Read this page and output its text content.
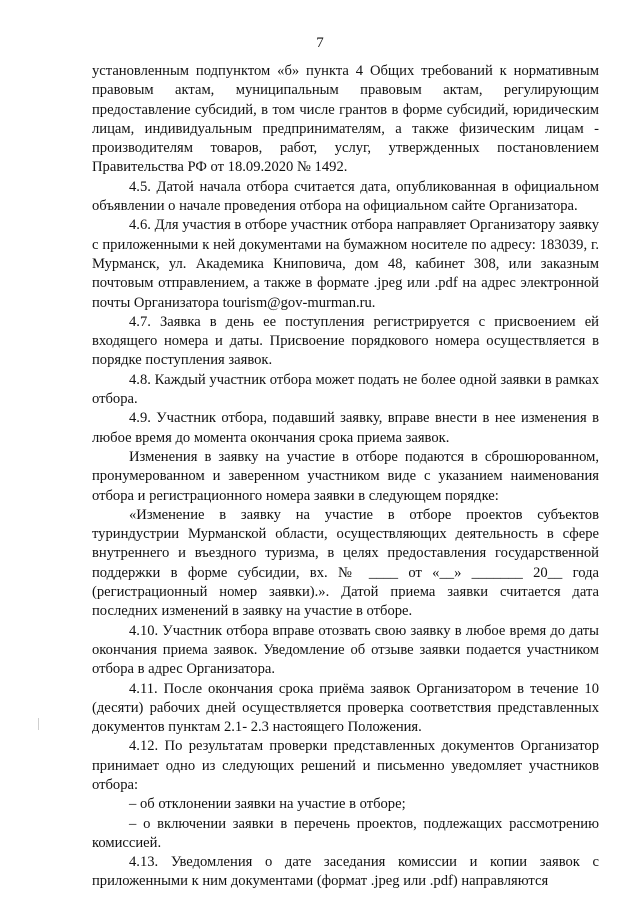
7

установленным подпунктом «б» пункта 4 Общих требований к нормативным правовым актам, муниципальным правовым актам, регулирующим предоставление субсидий, в том числе грантов в форме субсидий, юридическим лицам, индивидуальным предпринимателям, а также физическим лицам - производителям товаров, работ, услуг, утвержденных постановлением Правительства РФ от 18.09.2020 № 1492.

4.5. Датой начала отбора считается дата, опубликованная в официальном объявлении о начале проведения отбора на официальном сайте Организатора.

4.6. Для участия в отборе участник отбора направляет Организатору заявку с приложенными к ней документами на бумажном носителе по адресу: 183039, г. Мурманск, ул. Академика Книповича, дом 48, кабинет 308, или заказным почтовым отправлением, а также в формате .jpeg или .pdf на адрес электронной почты Организатора tourism@gov-murman.ru.

4.7. Заявка в день ее поступления регистрируется с присвоением ей входящего номера и даты. Присвоение порядкового номера осуществляется в порядке поступления заявок.

4.8. Каждый участник отбора может подать не более одной заявки в рамках отбора.

4.9. Участник отбора, подавший заявку, вправе внести в нее изменения в любое время до момента окончания срока приема заявок.

Изменения в заявку на участие в отборе подаются в сброшюрованном, пронумерованном и заверенном участником виде с указанием наименования отбора и регистрационного номера заявки в следующем порядке:

«Изменение в заявку на участие в отборе проектов субъектов туриндустрии Мурманской области, осуществляющих деятельность в сфере внутреннего и въездного туризма, в целях предоставления государственной поддержки в форме субсидии, вх. № ____ от «__» _______ 20__ года (регистрационный номер заявки).». Датой приема заявки считается дата последних изменений в заявку на участие в отборе.

4.10. Участник отбора вправе отозвать свою заявку в любое время до даты окончания приема заявок. Уведомление об отзыве заявки подается участником отбора в адрес Организатора.

4.11. После окончания срока приёма заявок Организатором в течение 10 (десяти) рабочих дней осуществляется проверка соответствия представленных документов пунктам 2.1- 2.3 настоящего Положения.

4.12. По результатам проверки представленных документов Организатор принимает одно из следующих решений и письменно уведомляет участников отбора:

– об отклонении заявки на участие в отборе;

– о включении заявки в перечень проектов, подлежащих рассмотрению комиссией.

4.13. Уведомления о дате заседания комиссии и копии заявок с приложенными к ним документами (формат .jpeg или .pdf) направляются
